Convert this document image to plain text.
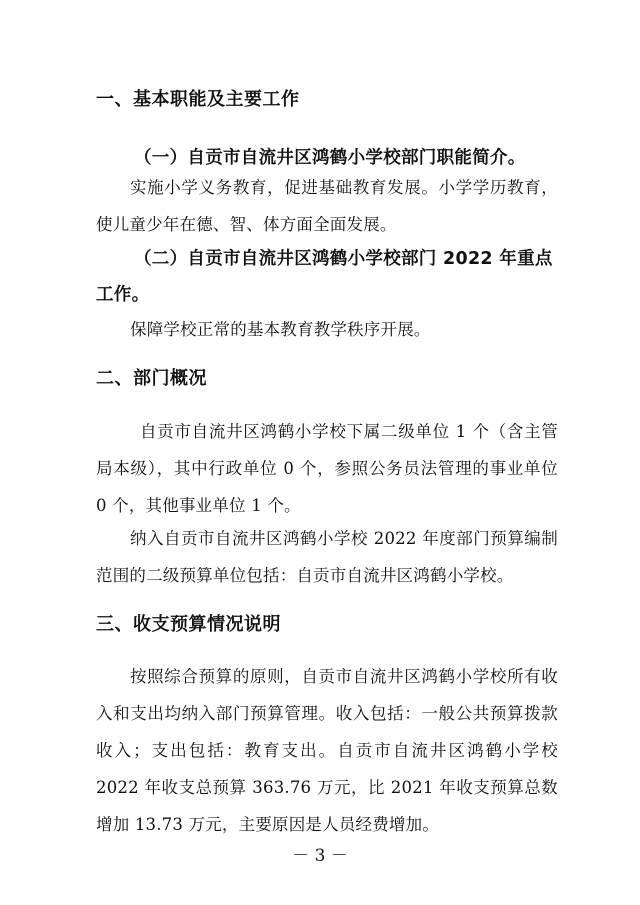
一、基本职能及主要工作
（一）自贡市自流井区鸿鹤小学校部门职能简介。

实施小学义务教育，促进基础教育发展。小学学历教育，使儿童少年在德、智、体方面全面发展。

（二）自贡市自流井区鸿鹤小学校部门 2022 年重点工作。

保障学校正常的基本教育教学秩序开展。

二、部门概况

自贡市自流井区鸿鹤小学校下属二级单位 1 个（含主管局本级），其中行政单位 0 个，参照公务员法管理的事业单位 0 个，其他事业单位 1 个。

纳入自贡市自流井区鸿鹤小学校 2022 年度部门预算编制范围的二级预算单位包括：自贡市自流井区鸿鹤小学校。

三、收支预算情况说明

按照综合预算的原则，自贡市自流井区鸿鹤小学校所有收入和支出均纳入部门预算管理。收入包括：一般公共预算拨款收入；支出包括：教育支出。自贡市自流井区鸿鹤小学校 2022 年收支总预算 363.76 万元，比 2021 年收支预算总数增加 13.73 万元，主要原因是人员经费增加。

－ 3 －
